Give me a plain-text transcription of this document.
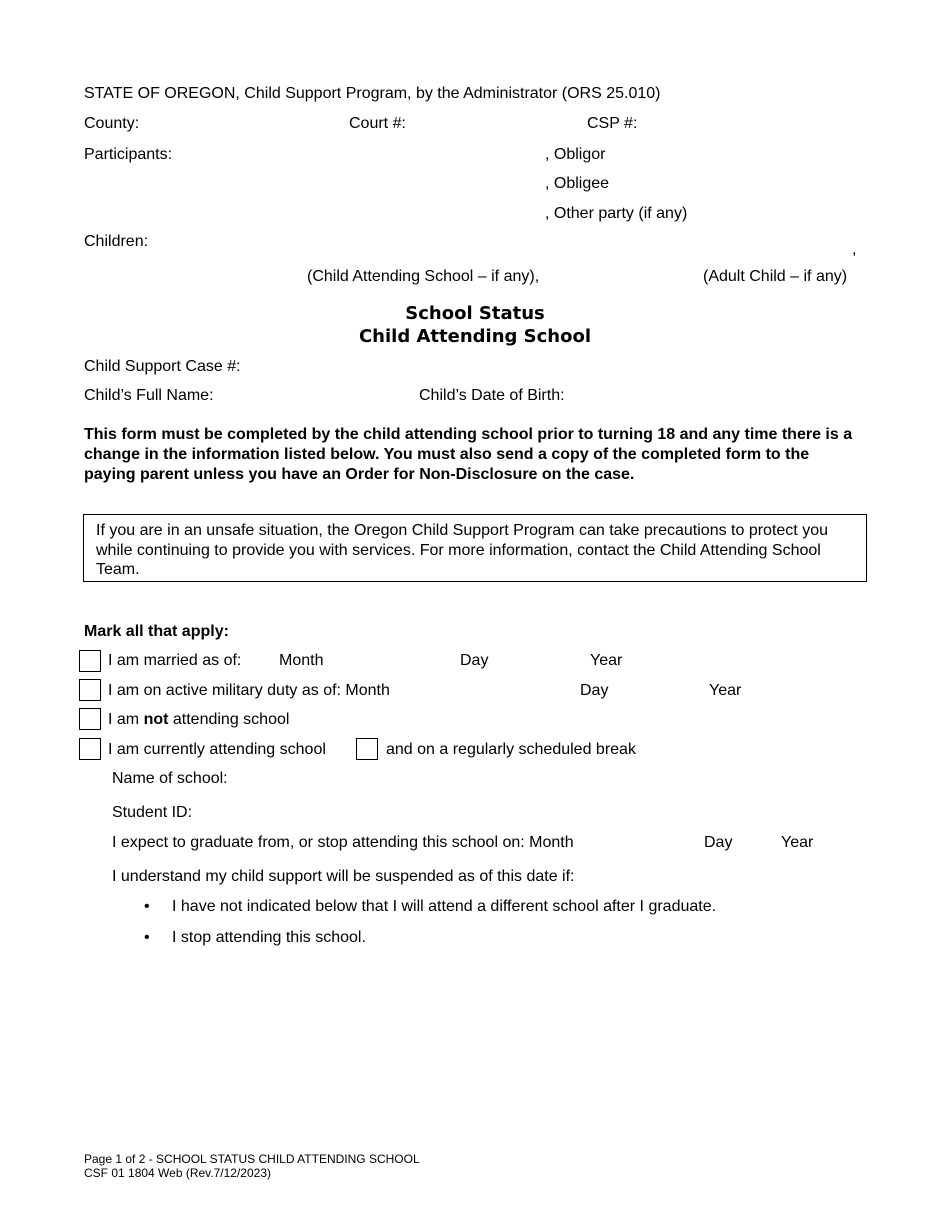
STATE OF OREGON, Child Support Program, by the Administrator (ORS 25.010)
County:	Court #:	CSP #:
Participants:	, Obligor
, Obligee
, Other party (if any)
Children:	,
(Child Attending School – if any),	(Adult Child – if any)
School Status
Child Attending School
Child Support Case #:
Child’s Full Name:	Child’s Date of Birth:
This form must be completed by the child attending school prior to turning 18 and any time there is a change in the information listed below. You must also send a copy of the completed form to the paying parent unless you have an Order for Non-Disclosure on the case.
If you are in an unsafe situation, the Oregon Child Support Program can take precautions to protect you while continuing to provide you with services. For more information, contact the Child Attending School Team.
Mark all that apply:
I am married as of: Month	Day	Year
I am on active military duty as of: Month	Day	Year
I am not attending school
I am currently attending school	and on a regularly scheduled break
Name of school:
Student ID:
I expect to graduate from, or stop attending this school on: Month	Day	Year
I understand my child support will be suspended as of this date if:
• I have not indicated below that I will attend a different school after I graduate.
• I stop attending this school.
Page 1 of 2 - SCHOOL STATUS CHILD ATTENDING SCHOOL
CSF 01 1804 Web (Rev.7/12/2023)
